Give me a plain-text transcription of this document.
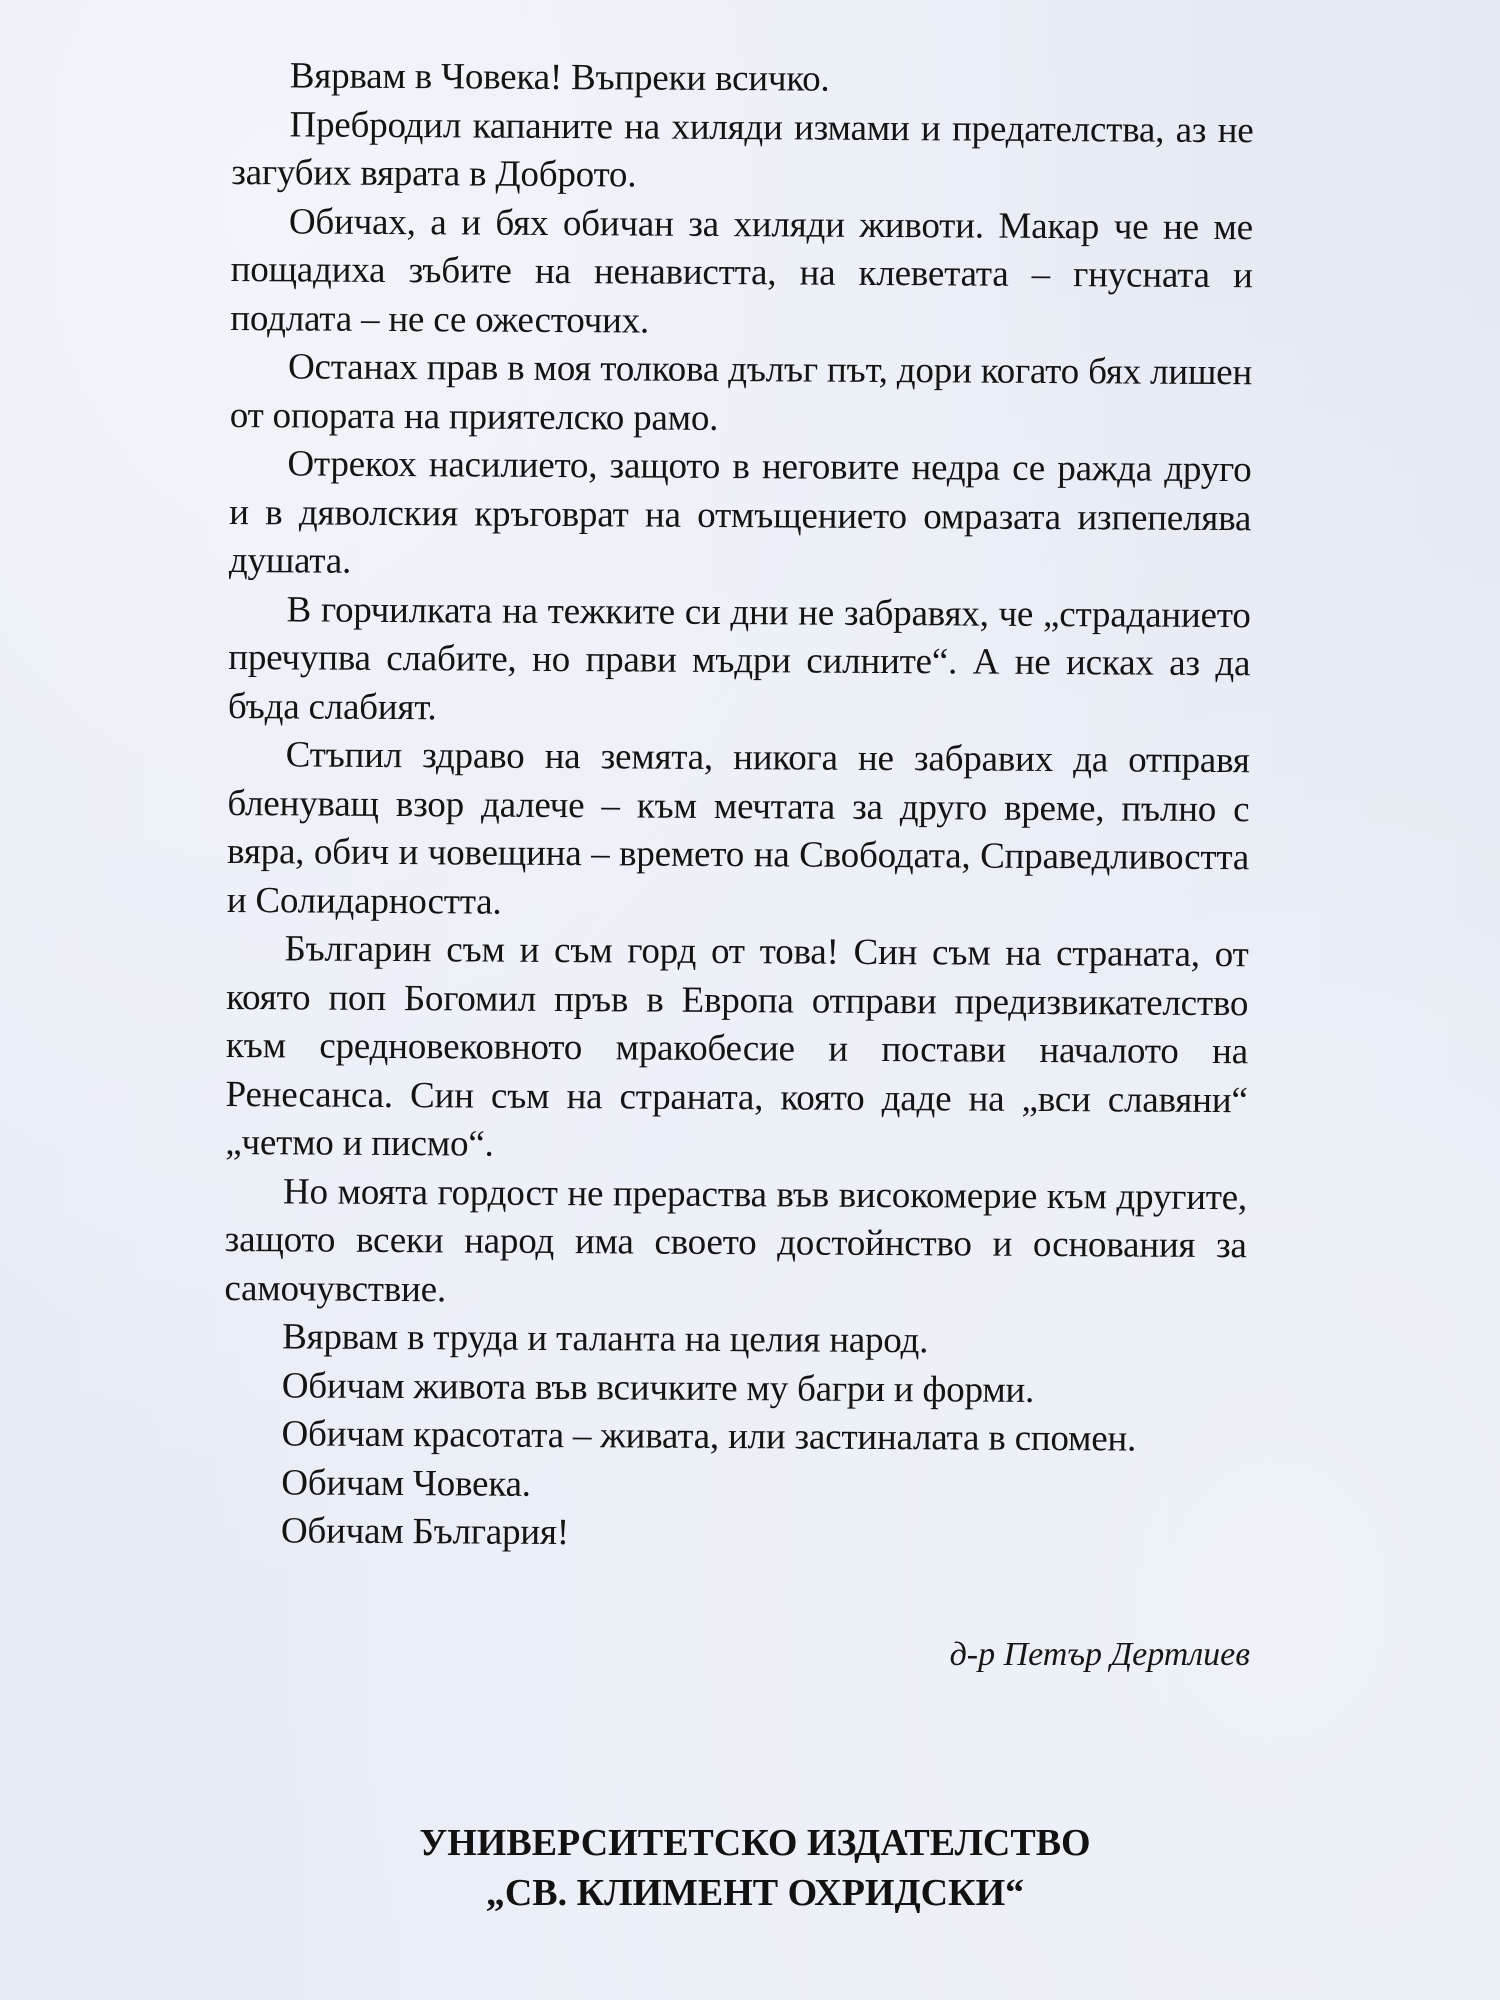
Вярвам в Човека! Въпреки всичко.

Пребродил капаните на хиляди измами и предателства, аз не загубих вярата в Доброто.

Обичах, а и бях обичан за хиляди животи. Макар че не ме пощадиха зъбите на ненавистта, на клеветата – гнусната и подлата – не се ожесточих.

Останах прав в моя толкова дълъг път, дори когато бях лишен от опората на приятелско рамо.

Отрекох насилието, защото в неговите недра се ражда друго и в дяволския кръговрат на отмъщението омразата изпепелява душата.

В горчилката на тежките си дни не забравях, че „страданието пречупва слабите, но прави мъдри силните“. А не исках аз да бъда слабият.

Стъпил здраво на земята, никога не забравих да отправя бленуващ взор далече – към мечтата за друго време, пълно с вяра, обич и човещина – времето на Свободата, Справедливостта и Солидарността.

Българин съм и съм горд от това! Син съм на страната, от която поп Богомил пръв в Европа отправи предизвикателство към средновековното мракобесие и постави началото на Ренесанса. Син съм на страната, която даде на „вси славяни“ „четмо и писмо“.

Но моята гордост не прераства във високомерие към другите, защото всеки народ има своето достойнство и основания за самочувствие.

Вярвам в труда и таланта на целия народ.

Обичам живота във всичките му багри и форми.

Обичам красотата – живата, или застиналата в спомен.

Обичам Човека.

Обичам България!

д-р Петър Дертлиев
УНИВЕРСИТЕТСКО ИЗДАТЕЛСТВО
„СВ. КЛИМЕНТ ОХРИДСКИ“
